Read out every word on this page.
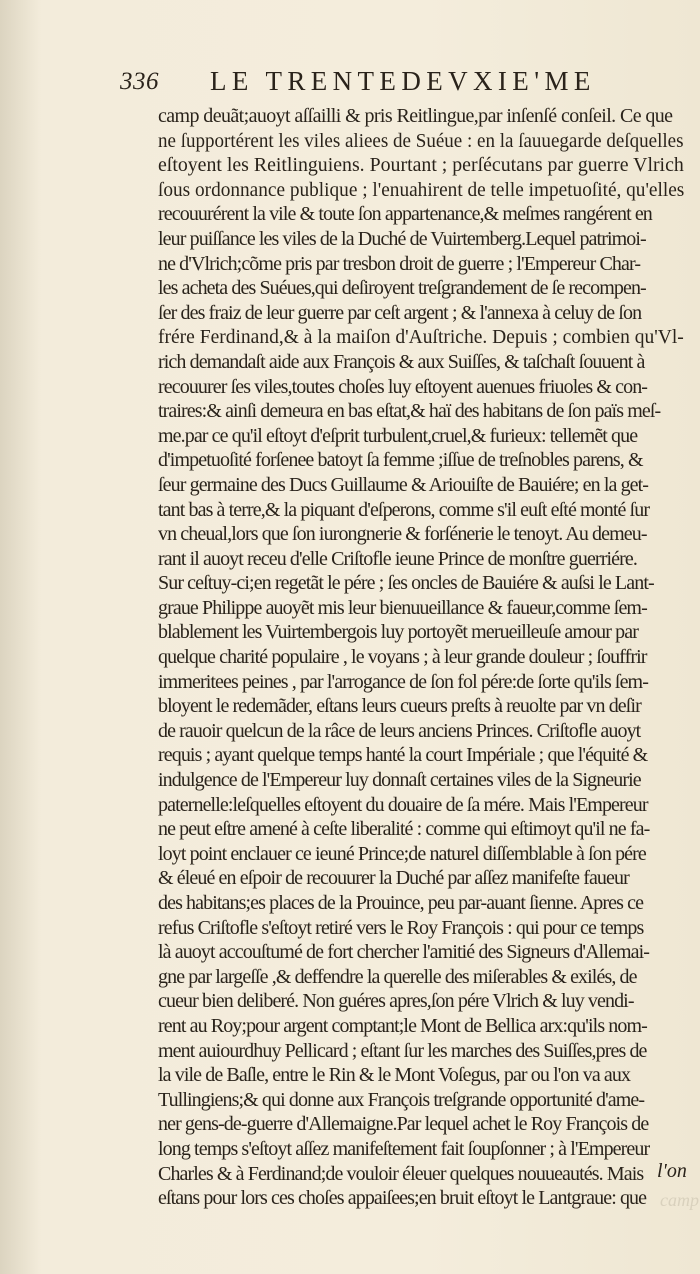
336 LE TRENTEDEVXIE'ME
camp deuãt;auoyt aſſailli & pris Reitlingue,par inſenſé conſeil. Ce que
ne ſupportérent les viles aliees de Suéue : en la ſauuegarde deſquelles
eſtoyent les Reitlinguiens. Pourtant ; perſécutans par guerre Vlrich
ſous ordonnance publique ; l'enuahirent de telle impetuoſité, qu'elles
recouurérent la vile & toute ſon appartenance,& meſmes rangérent en
leur puiſſance les viles de la Duché de Vuirtemberg.Lequel patrimoi-
ne d'Vlrich;cõme pris par tresbon droit de guerre ; l'Empereur Char-
les acheta des Suéues,qui deſiroyent treſgrandement de ſe recompen-
ſer des fraiz de leur guerre par ceſt argent ; & l'annexa à celuy de ſon
frére Ferdinand,& à la maiſon d'Auſtriche. Depuis ; combien qu'Vl-
rich demandaſt aide aux François & aux Suiſſes, & taſchaſt ſouuent à
recouurer ſes viles,toutes choſes luy eſtoyent auenues friuoles & con-
traires:& ainſi demeura en bas eſtat,& haï des habitans de ſon païs meſ-
me.par ce qu'il eſtoyt d'eſprit turbulent,cruel,& furieux: tellemẽt que
d'impetuoſité forſenee batoyt ſa femme ;iſſue de treſnobles parens, &
ſeur germaine des Ducs Guillaume & Ariouiſte de Bauiére; en la get-
tant bas à terre,& la piquant d'eſperons, comme s'il euſt eſté monté ſur
vn cheual,lors que ſon iurongnerie & forſénerie le tenoyt. Au demeu-
rant il auoyt receu d'elle Criſtofle ieune Prince de monſtre guerriére.
Sur ceſtuy-ci;en regetãt le pére ; ſes oncles de Bauiére & auſsi le Lant-
graue Philippe auoyẽt mis leur bienuueillance & faueur,comme ſem-
blablement les Vuirtembergois luy portoyẽt merueilleuſe amour par
quelque charité populaire , le voyans ; à leur grande douleur ; ſouffrir
immeritees peines , par l'arrogance de ſon fol pére:de ſorte qu'ils ſem-
bloyent le redemãder, eſtans leurs cueurs preſts à reuolte par vn deſir
de rauoir quelcun de la râce de leurs anciens Princes. Criſtofle auoyt
requis ; ayant quelque temps hanté la court Impériale ; que l'équité &
indulgence de l'Empereur luy donnaſt certaines viles de la Signeurie
paternelle:leſquelles eſtoyent du douaire de ſa mére. Mais l'Empereur
ne peut eſtre amené à ceſte liberalité : comme qui eſtimoyt qu'il ne fa-
loyt point enclauer ce ieuné Prince;de naturel diſſemblable à ſon pére
& éleué en eſpoir de recouurer la Duché par aſſez manifeſte faueur
des habitans;es places de la Prouince, peu par-auant ſienne. Apres ce
refus Criſtofle s'eſtoyt retiré vers le Roy François : qui pour ce temps
là auoyt accouſtumé de fort chercher l'amitié des Signeurs d'Allemai-
gne par largeſſe ,& deffendre la querelle des miſerables & exilés, de
cueur bien deliberé. Non guéres apres,ſon pére Vlrich & luy vendi-
rent au Roy;pour argent comptant;le Mont de Bellica arx:qu'ils nom-
ment auiourdhuy Pellicard ; eſtant ſur les marches des Suiſſes,pres de
la vile de Baſle, entre le Rin & le Mont Voſegus, par ou l'on va aux
Tullingiens;& qui donne aux François treſgrande opportunité d'ame-
ner gens-de-guerre d'Allemaigne.Par lequel achet le Roy François de
long temps s'eſtoyt aſſez manifeſtement fait ſoupſonner ; à l'Empereur
Charles & à Ferdinand;de vouloir éleuer quelques nouueautés. Mais
eſtans pour lors ces choſes appaiſees;en bruit eſtoyt le Lantgraue: que
l'on
camp
